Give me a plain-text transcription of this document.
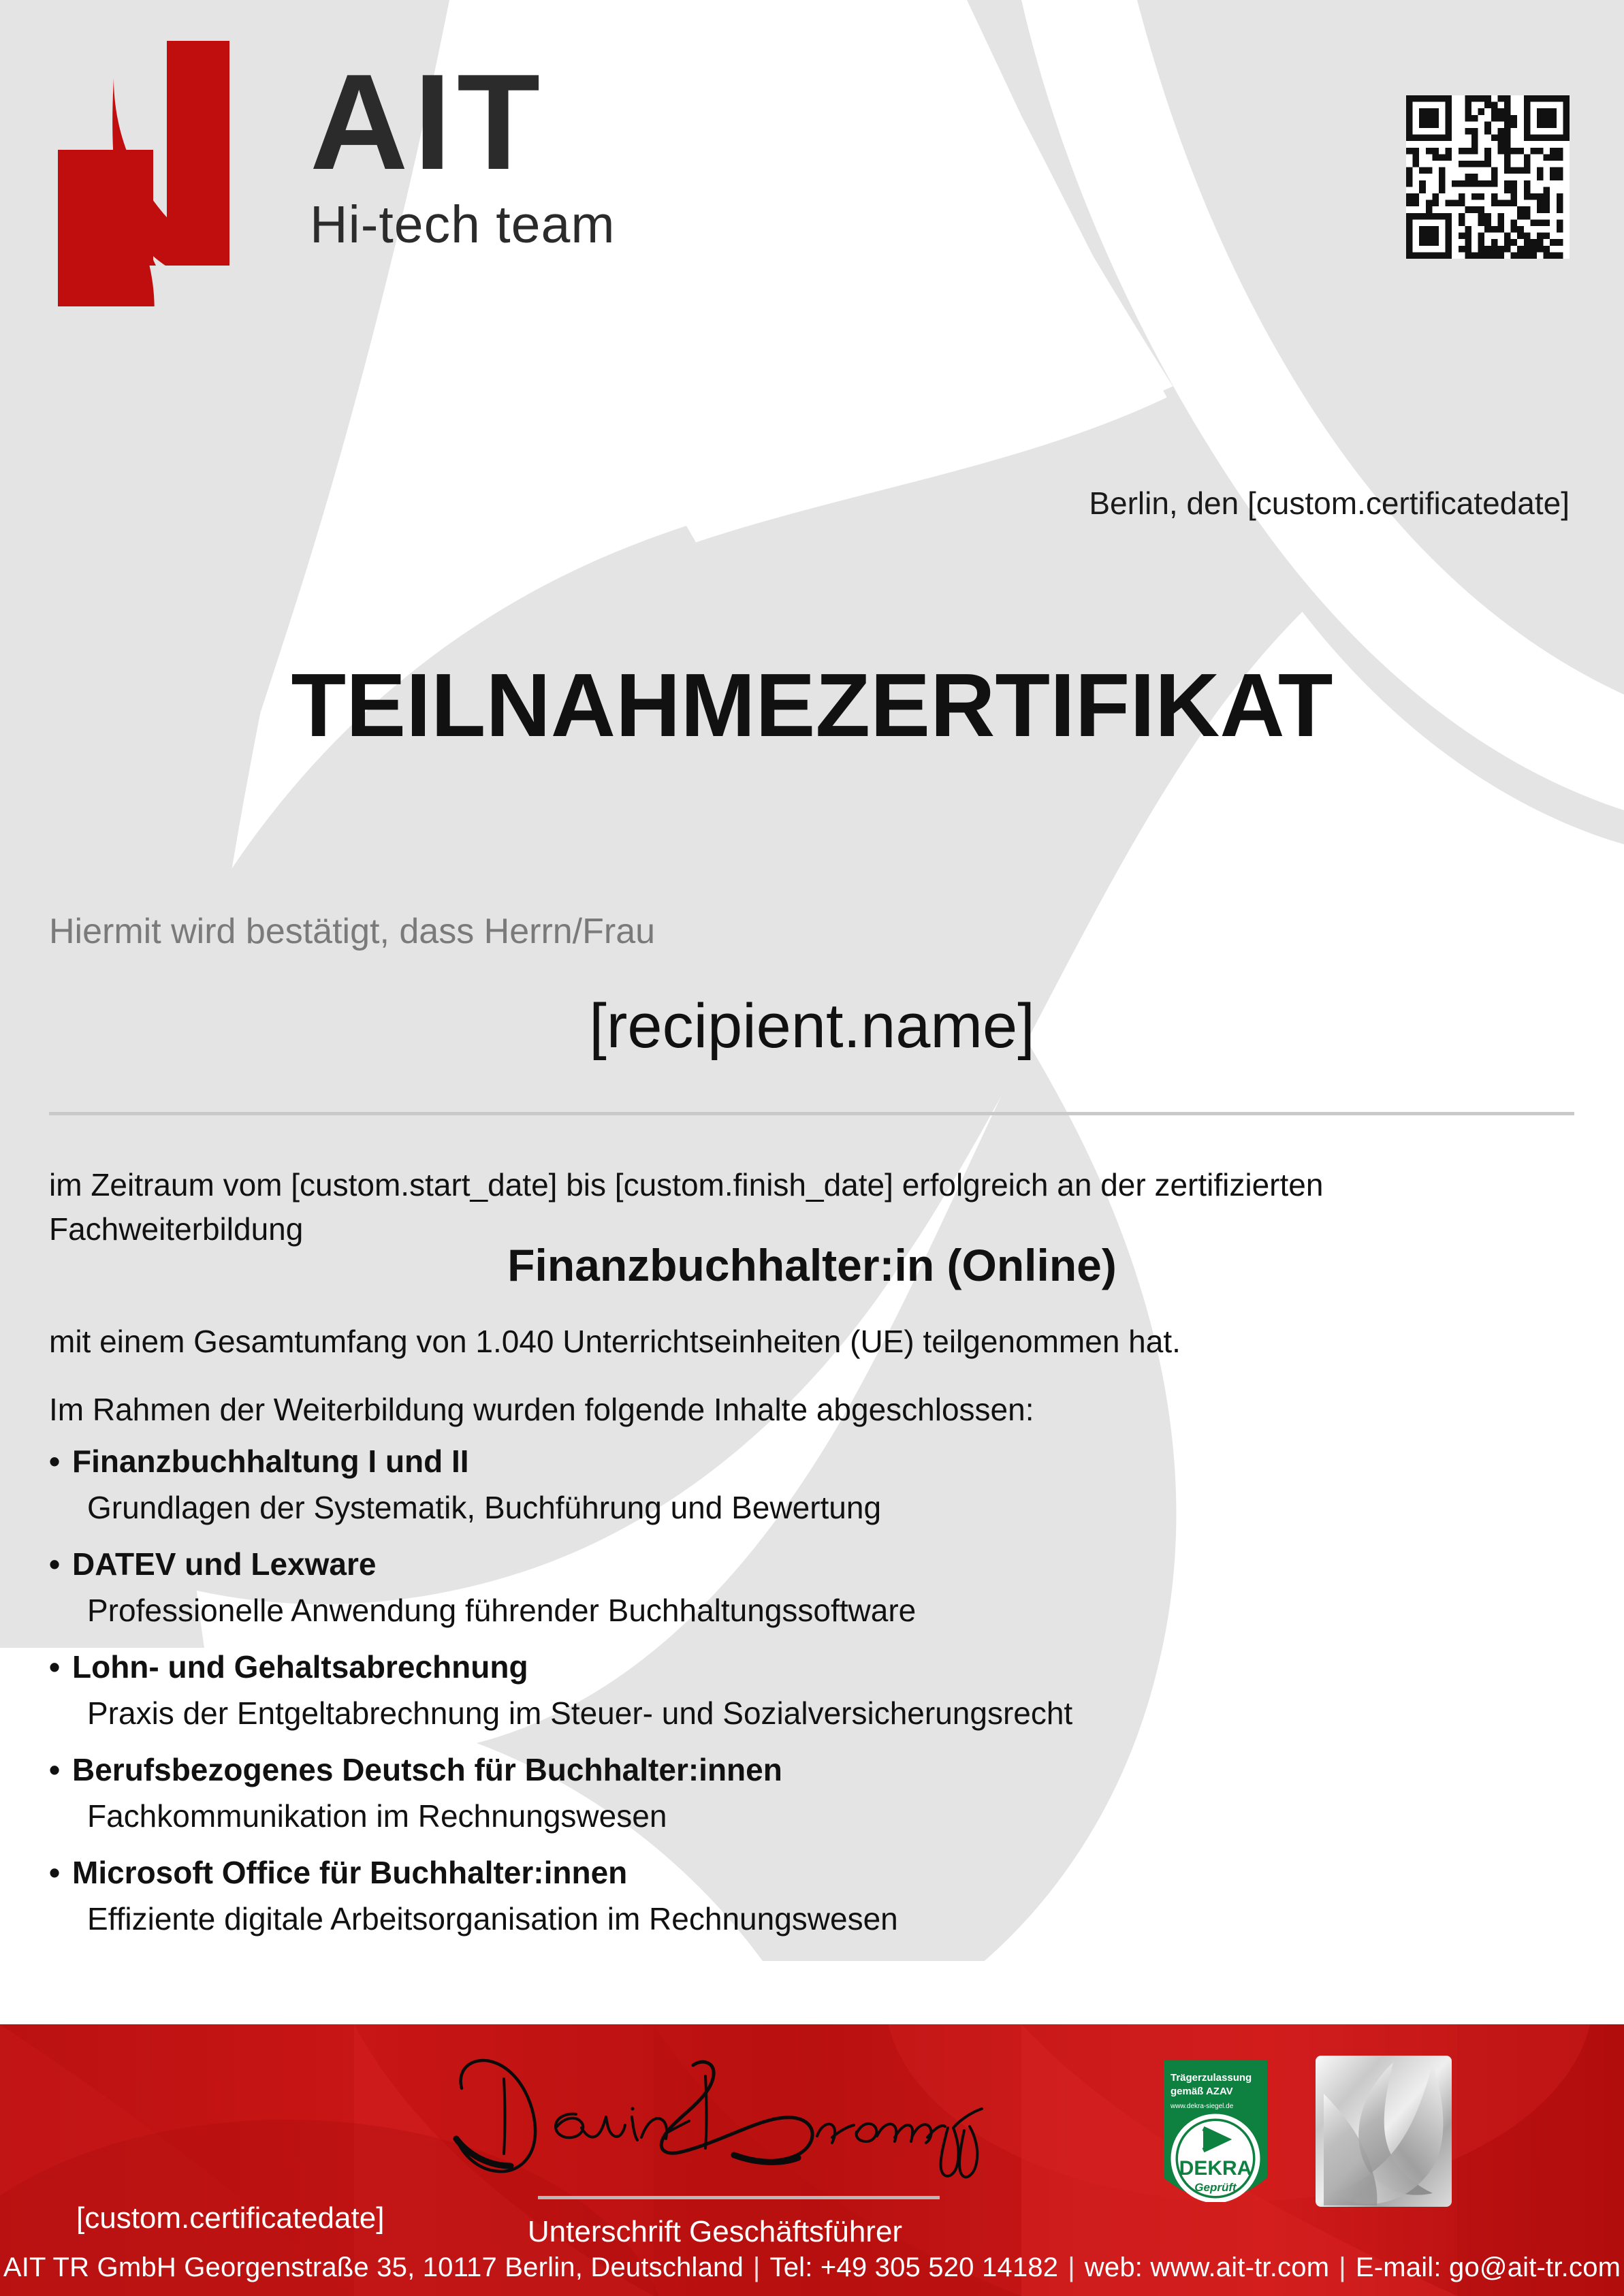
AIT
Hi-tech team
Berlin, den [custom.certificatedate]
TEILNAHMEZERTIFIKAT
Hiermit wird bestätigt, dass Herrn/Frau
[recipient.name]
im Zeitraum vom [custom.start_date] bis [custom.finish_date] erfolgreich an der zertifizierten Fachweiterbildung
Finanzbuchhalter:in (Online)
mit einem Gesamtumfang von 1.040 Unterrichtseinheiten (UE) teilgenommen hat.
Im Rahmen der Weiterbildung wurden folgende Inhalte abgeschlossen:
• Finanzbuchhaltung I und II
Grundlagen der Systematik, Buchführung und Bewertung
• DATEV und Lexware
Professionelle Anwendung führender Buchhaltungssoftware
• Lohn- und Gehaltsabrechnung
Praxis der Entgeltabrechnung im Steuer- und Sozialversicherungsrecht
• Berufsbezogenes Deutsch für Buchhalter:innen
Fachkommunikation im Rechnungswesen
• Microsoft Office für Buchhalter:innen
Effiziente digitale Arbeitsorganisation im Rechnungswesen
[custom.certificatedate]	Unterschrift Geschäftsführer
Trägerzulassung
gemäß AZAV
www.dekra-siegel.de
DEKRA
Geprüft
AIT TR GmbH Georgenstraße 35, 10117 Berlin, Deutschland | Tel: +49 305 520 14182 | web: www.ait-tr.com | E-mail: go@ait-tr.com
